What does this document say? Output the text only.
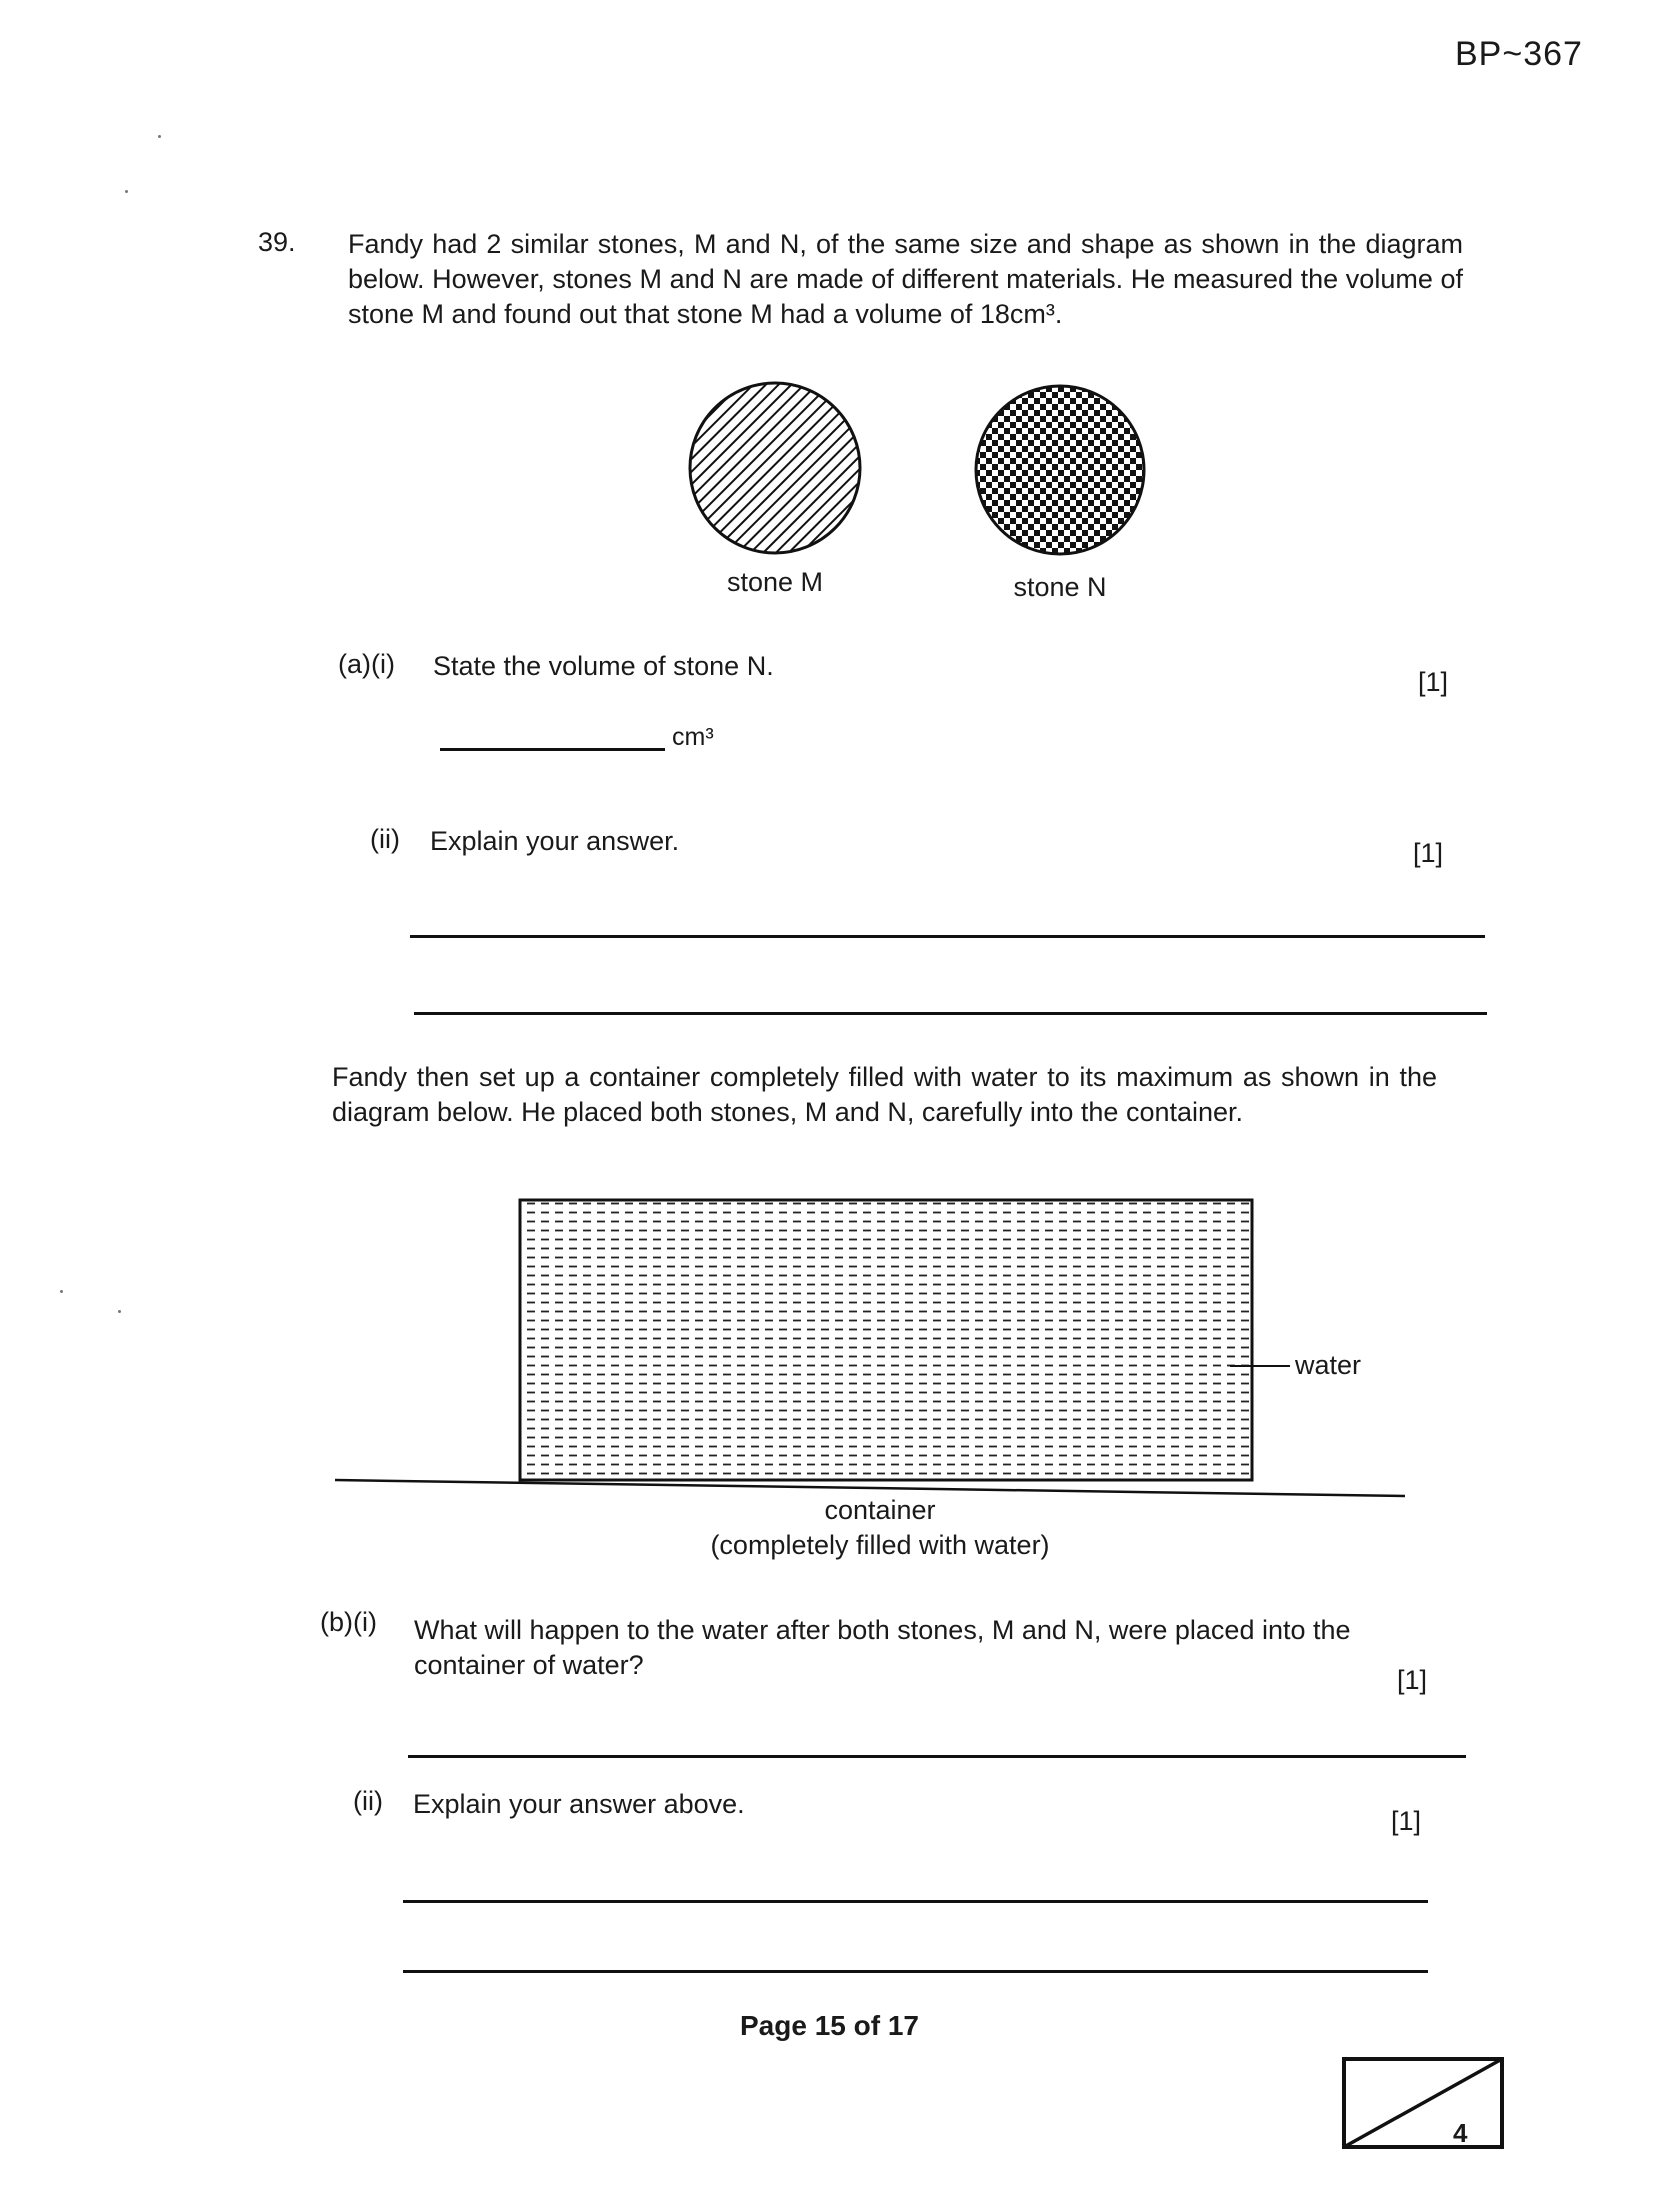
BP~367
39. Fandy had 2 similar stones, M and N, of the same size and shape as shown in the diagram below. However, stones M and N are made of different materials. He measured the volume of stone M and found out that stone M had a volume of 18cm³.
stone M	stone N
(a)(i) State the volume of stone N.
[1]
cm³
(ii) Explain your answer.	[1]
Fandy then set up a container completely filled with water to its maximum as shown in the diagram below. He placed both stones, M and N, carefully into the container.
water
container
(completely filled with water)
(b)(i) What will happen to the water after both stones, M and N, were placed into the container of water?	[1]
(ii) Explain your answer above.
[1]
Page 15 of 17
4
